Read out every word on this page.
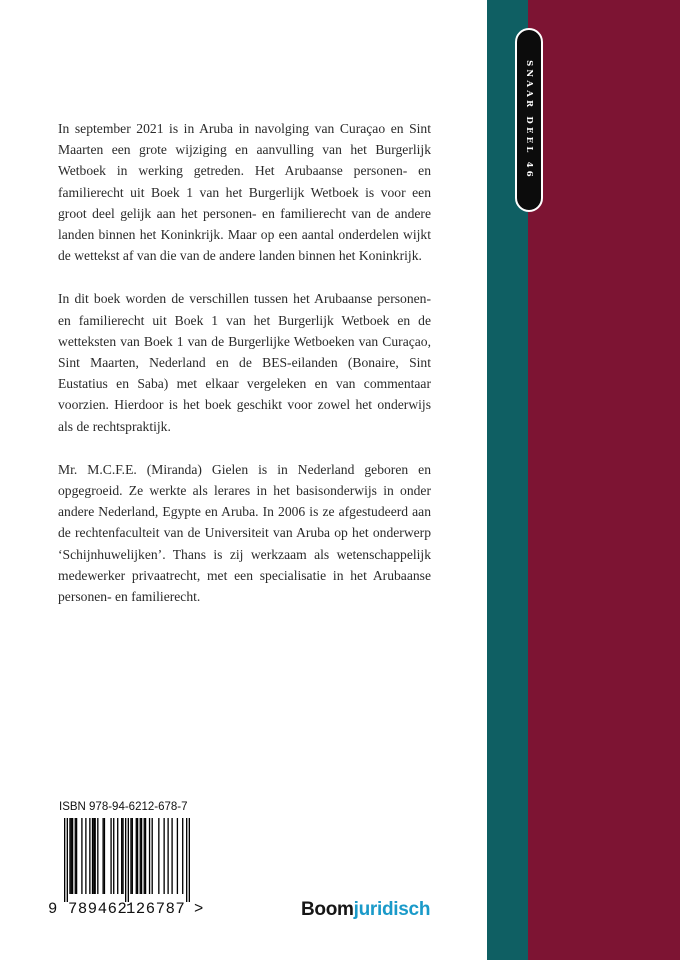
SNAAR DEEL 46

In september 2021 is in Aruba in navolging van Curaçao en Sint Maarten een grote wijziging en aanvulling van het Burgerlijk Wetboek in werking getreden. Het Arubaanse personen- en familierecht uit Boek 1 van het Burgerlijk Wetboek is voor een groot deel gelijk aan het personen- en familierecht van de andere landen binnen het Koninkrijk. Maar op een aantal onderdelen wijkt de wettekst af van die van de andere landen binnen het Koninkrijk.

In dit boek worden de verschillen tussen het Arubaanse personen- en familierecht uit Boek 1 van het Burgerlijk Wetboek en de wetteksten van Boek 1 van de Burgerlijke Wetboeken van Curaçao, Sint Maarten, Nederland en de BES-eilanden (Bonaire, Sint Eustatius en Saba) met elkaar vergeleken en van commentaar voorzien. Hierdoor is het boek geschikt voor zowel het onderwijs als de rechtspraktijk.

Mr. M.C.F.E. (Miranda) Gielen is in Nederland geboren en opgegroeid. Ze werkte als lerares in het basisonderwijs in onder andere Nederland, Egypte en Aruba. In 2006 is ze afgestudeerd aan de rechtenfaculteit van de Universiteit van Aruba op het onderwerp ‘Schijnhuwelijken’. Thans is zij werkzaam als wetenschappelijk medewerker privaatrecht, met een specialisatie in het Arubaanse personen- en familierecht.

ISBN 978-94-6212-678-7
9 789462
126787 >	Boomjuridisch
